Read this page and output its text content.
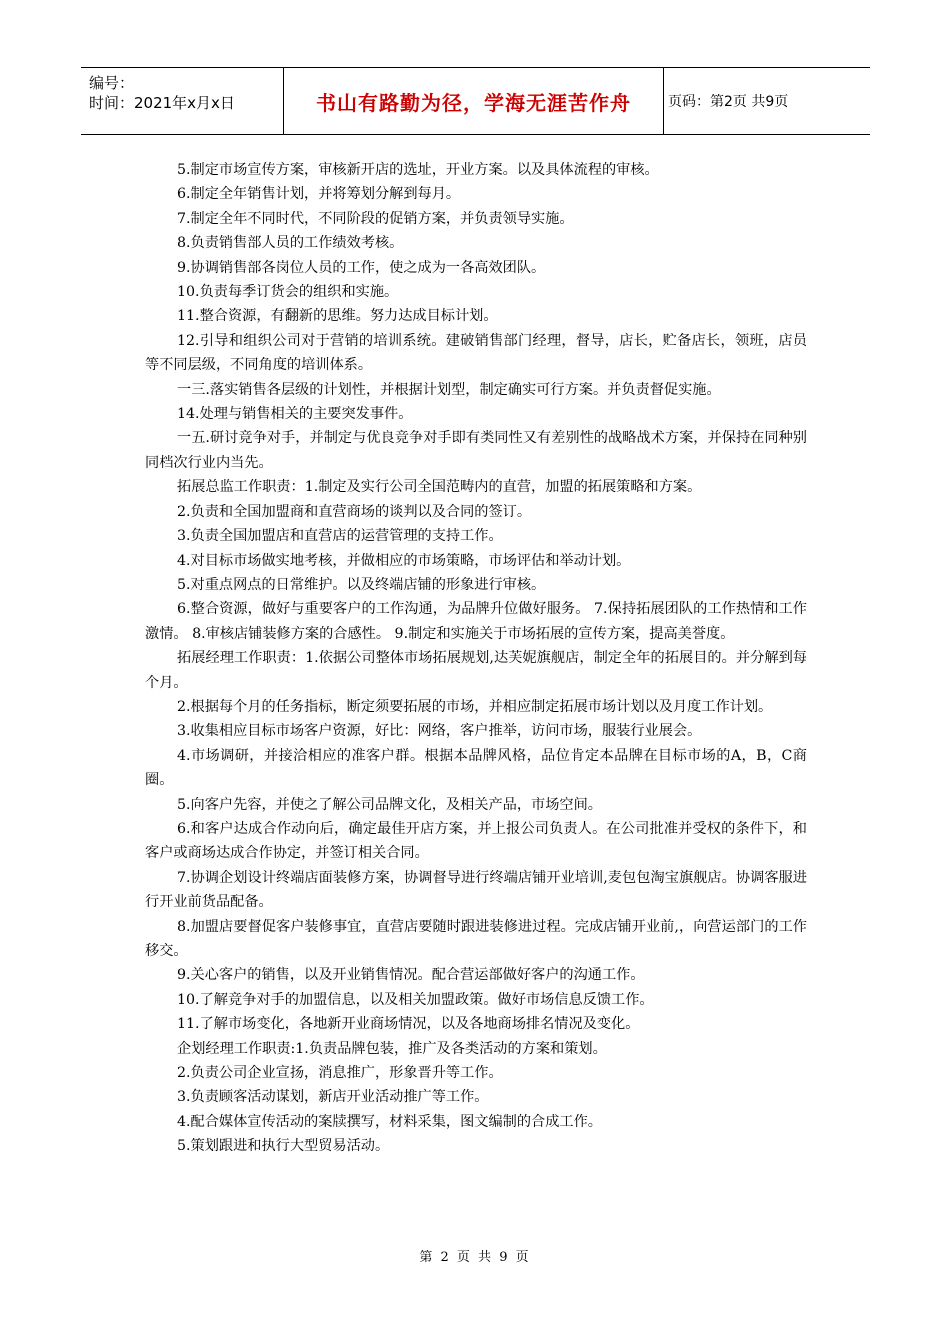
编号：
时间：2021年x月x日	书山有路勤为径，学海无涯苦作舟	页码：第2页 共9页

5.制定市场宣传方案，审核新开店的选址，开业方案。以及具体流程的审核。

6.制定全年销售计划，并将筹划分解到每月。

7.制定全年不同时代，不同阶段的促销方案，并负责领导实施。

8.负责销售部人员的工作绩效考核。

9.协调销售部各岗位人员的工作，使之成为一各高效团队。

10.负责每季订货会的组织和实施。

11.整合资源，有翻新的思维。努力达成目标计划。

12.引导和组织公司对于营销的培训系统。建破销售部门经理，督导，店长，贮备店长，领班，店员等不同层级，不同角度的培训体系。

一三.落实销售各层级的计划性，并根据计划型，制定确实可行方案。并负责督促实施。

14.处理与销售相关的主要突发事件。

一五.研讨竞争对手，并制定与优良竞争对手即有类同性又有差别性的战略战术方案，并保持在同种别同档次行业内当先。

拓展总监工作职责：1.制定及实行公司全国范畴内的直营，加盟的拓展策略和方案。

2.负责和全国加盟商和直营商场的谈判以及合同的签订。

3.负责全国加盟店和直营店的运营管理的支持工作。

4.对目标市场做实地考核，并做相应的市场策略，市场评估和举动计划。

5.对重点网点的日常维护。以及终端店铺的形象进行审核。

6.整合资源，做好与重要客户的工作沟通，为品牌升位做好服务。 7.保持拓展团队的工作热情和工作激情。 8.审核店铺装修方案的合感性。 9.制定和实施关于市场拓展的宣传方案，提高美誉度。

拓展经理工作职责：1.依据公司整体市场拓展规划,达芙妮旗舰店，制定全年的拓展目的。并分解到每个月。

2.根据每个月的任务指标，断定须要拓展的市场，并相应制定拓展市场计划以及月度工作计划。

3.收集相应目标市场客户资源，好比：网络，客户推举，访问市场，服装行业展会。

4.市场调研，并接洽相应的准客户群。根据本品牌风格，品位肯定本品牌在目标市场的A，B，C商圈。

5.向客户先容，并使之了解公司品牌文化，及相关产品，市场空间。

6.和客户达成合作动向后，确定最佳开店方案，并上报公司负责人。在公司批准并受权的条件下，和客户或商场达成合作协定，并签订相关合同。

7.协调企划设计终端店面装修方案，协调督导进行终端店铺开业培训,麦包包淘宝旗舰店。协调客服进行开业前货品配备。

8.加盟店要督促客户装修事宜，直营店要随时跟进装修进过程。完成店铺开业前,，向营运部门的工作移交。

9.关心客户的销售，以及开业销售情况。配合营运部做好客户的沟通工作。

10.了解竞争对手的加盟信息，以及相关加盟政策。做好市场信息反馈工作。

11.了解市场变化，各地新开业商场情况，以及各地商场排名情况及变化。

企划经理工作职责:1.负责品牌包装，推广及各类活动的方案和策划。

2.负责公司企业宣扬，消息推广，形象晋升等工作。

3.负责顾客活动谋划，新店开业活动推广等工作。

4.配合媒体宣传活动的案牍撰写，材料采集，图文编制的合成工作。

5.策划跟进和执行大型贸易活动。

第 2 页 共 9 页
